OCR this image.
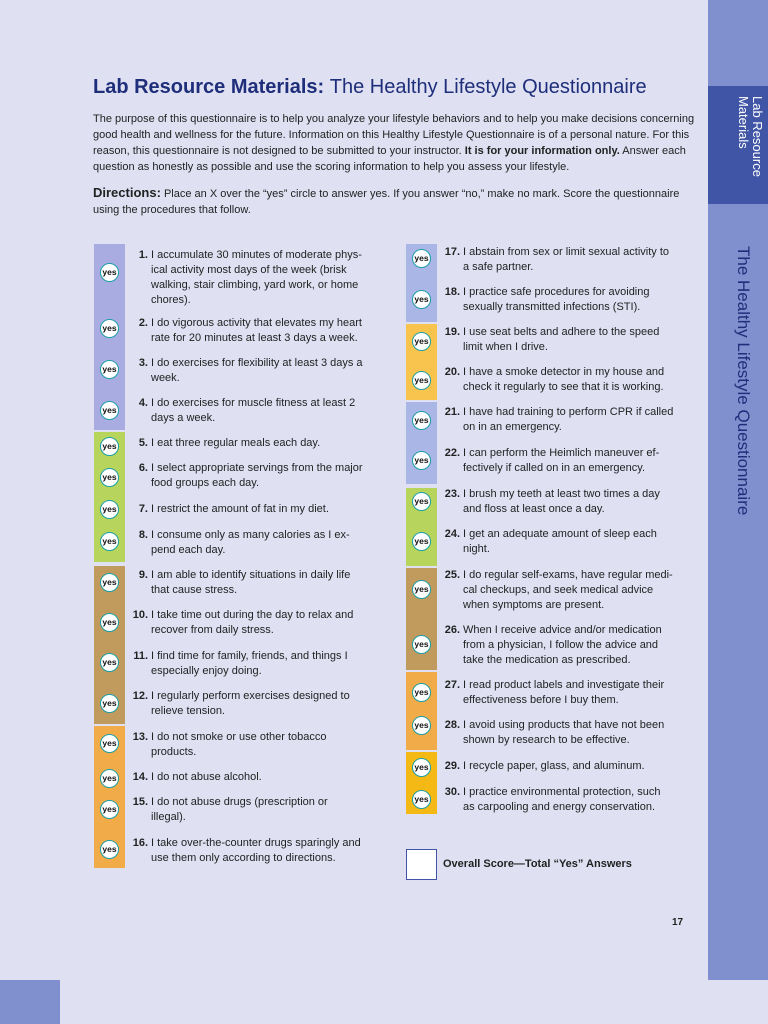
Lab Resource Materials
The Healthy Lifestyle Questionnaire
Lab Resource Materials: The Healthy Lifestyle Questionnaire

The purpose of this questionnaire is to help you analyze your lifestyle behaviors and to help you make decisions concerning good health and wellness for the future. Information on this Healthy Lifestyle Questionnaire is of a personal nature. For this reason, this questionnaire is not designed to be submitted to your instructor. It is for your information only. Answer each question as honestly as possible and use the scoring information to help you assess your lifestyle.

Directions: Place an X over the “yes” circle to answer yes. If you answer “no,” make no mark. Score the questionnaire using the procedures that follow.

yes
1. I accumulate 30 minutes of moderate phys-
ical activity most days of the week (brisk
walking, stair climbing, yard work, or home
chores).
yes	2. I do vigorous activity that elevates my heart
rate for 20 minutes at least 3 days a week.
yes	3. I do exercises for flexibility at least 3 days a
week.
yes
4. I do exercises for muscle fitness at least 2
days a week.
yes	5. I eat three regular meals each day.
yes
6. I select appropriate servings from the major
food groups each day.
yes	7. I restrict the amount of fat in my diet.
yes	8. I consume only as many calories as I ex-
pend each day.
yes
9. I am able to identify situations in daily life
that cause stress.
yes
10. I take time out during the day to relax and
recover from daily stress.
yes	11. I find time for family, friends, and things I
especially enjoy doing.
yes
12. I regularly perform exercises designed to
relieve tension.
yes	13. I do not smoke or use other tobacco
products.
yes	14. I do not abuse alcohol.
yes
15. I do not abuse drugs (prescription or
illegal).
yes	16. I take over-the-counter drugs sparingly and
use them only according to directions.
yes	17. I abstain from sex or limit sexual activity to
a safe partner.
yes
18. I practice safe procedures for avoiding
sexually transmitted infections (STI).
yes
19. I use seat belts and adhere to the speed
limit when I drive.
yes
20. I have a smoke detector in my house and
check it regularly to see that it is working.
yes
21. I have had training to perform CPR if called
on in an emergency.
yes
22. I can perform the Heimlich maneuver ef-
fectively if called on in an emergency.
yes
23. I brush my teeth at least two times a day
and floss at least once a day.
yes
24. I get an adequate amount of sleep each
night.
yes
25. I do regular self-exams, have regular medi-
cal checkups, and seek medical advice
when symptoms are present.
yes
26. When I receive advice and/or medication
from a physician, I follow the advice and
take the medication as prescribed.
yes
27. I read product labels and investigate their
effectiveness before I buy them.
yes	28. I avoid using products that have not been
shown by research to be effective.
yes	29. I recycle paper, glass, and aluminum.
yes
30. I practice environmental protection, such
as carpooling and energy conservation.
Overall Score—Total “Yes” Answers
17
